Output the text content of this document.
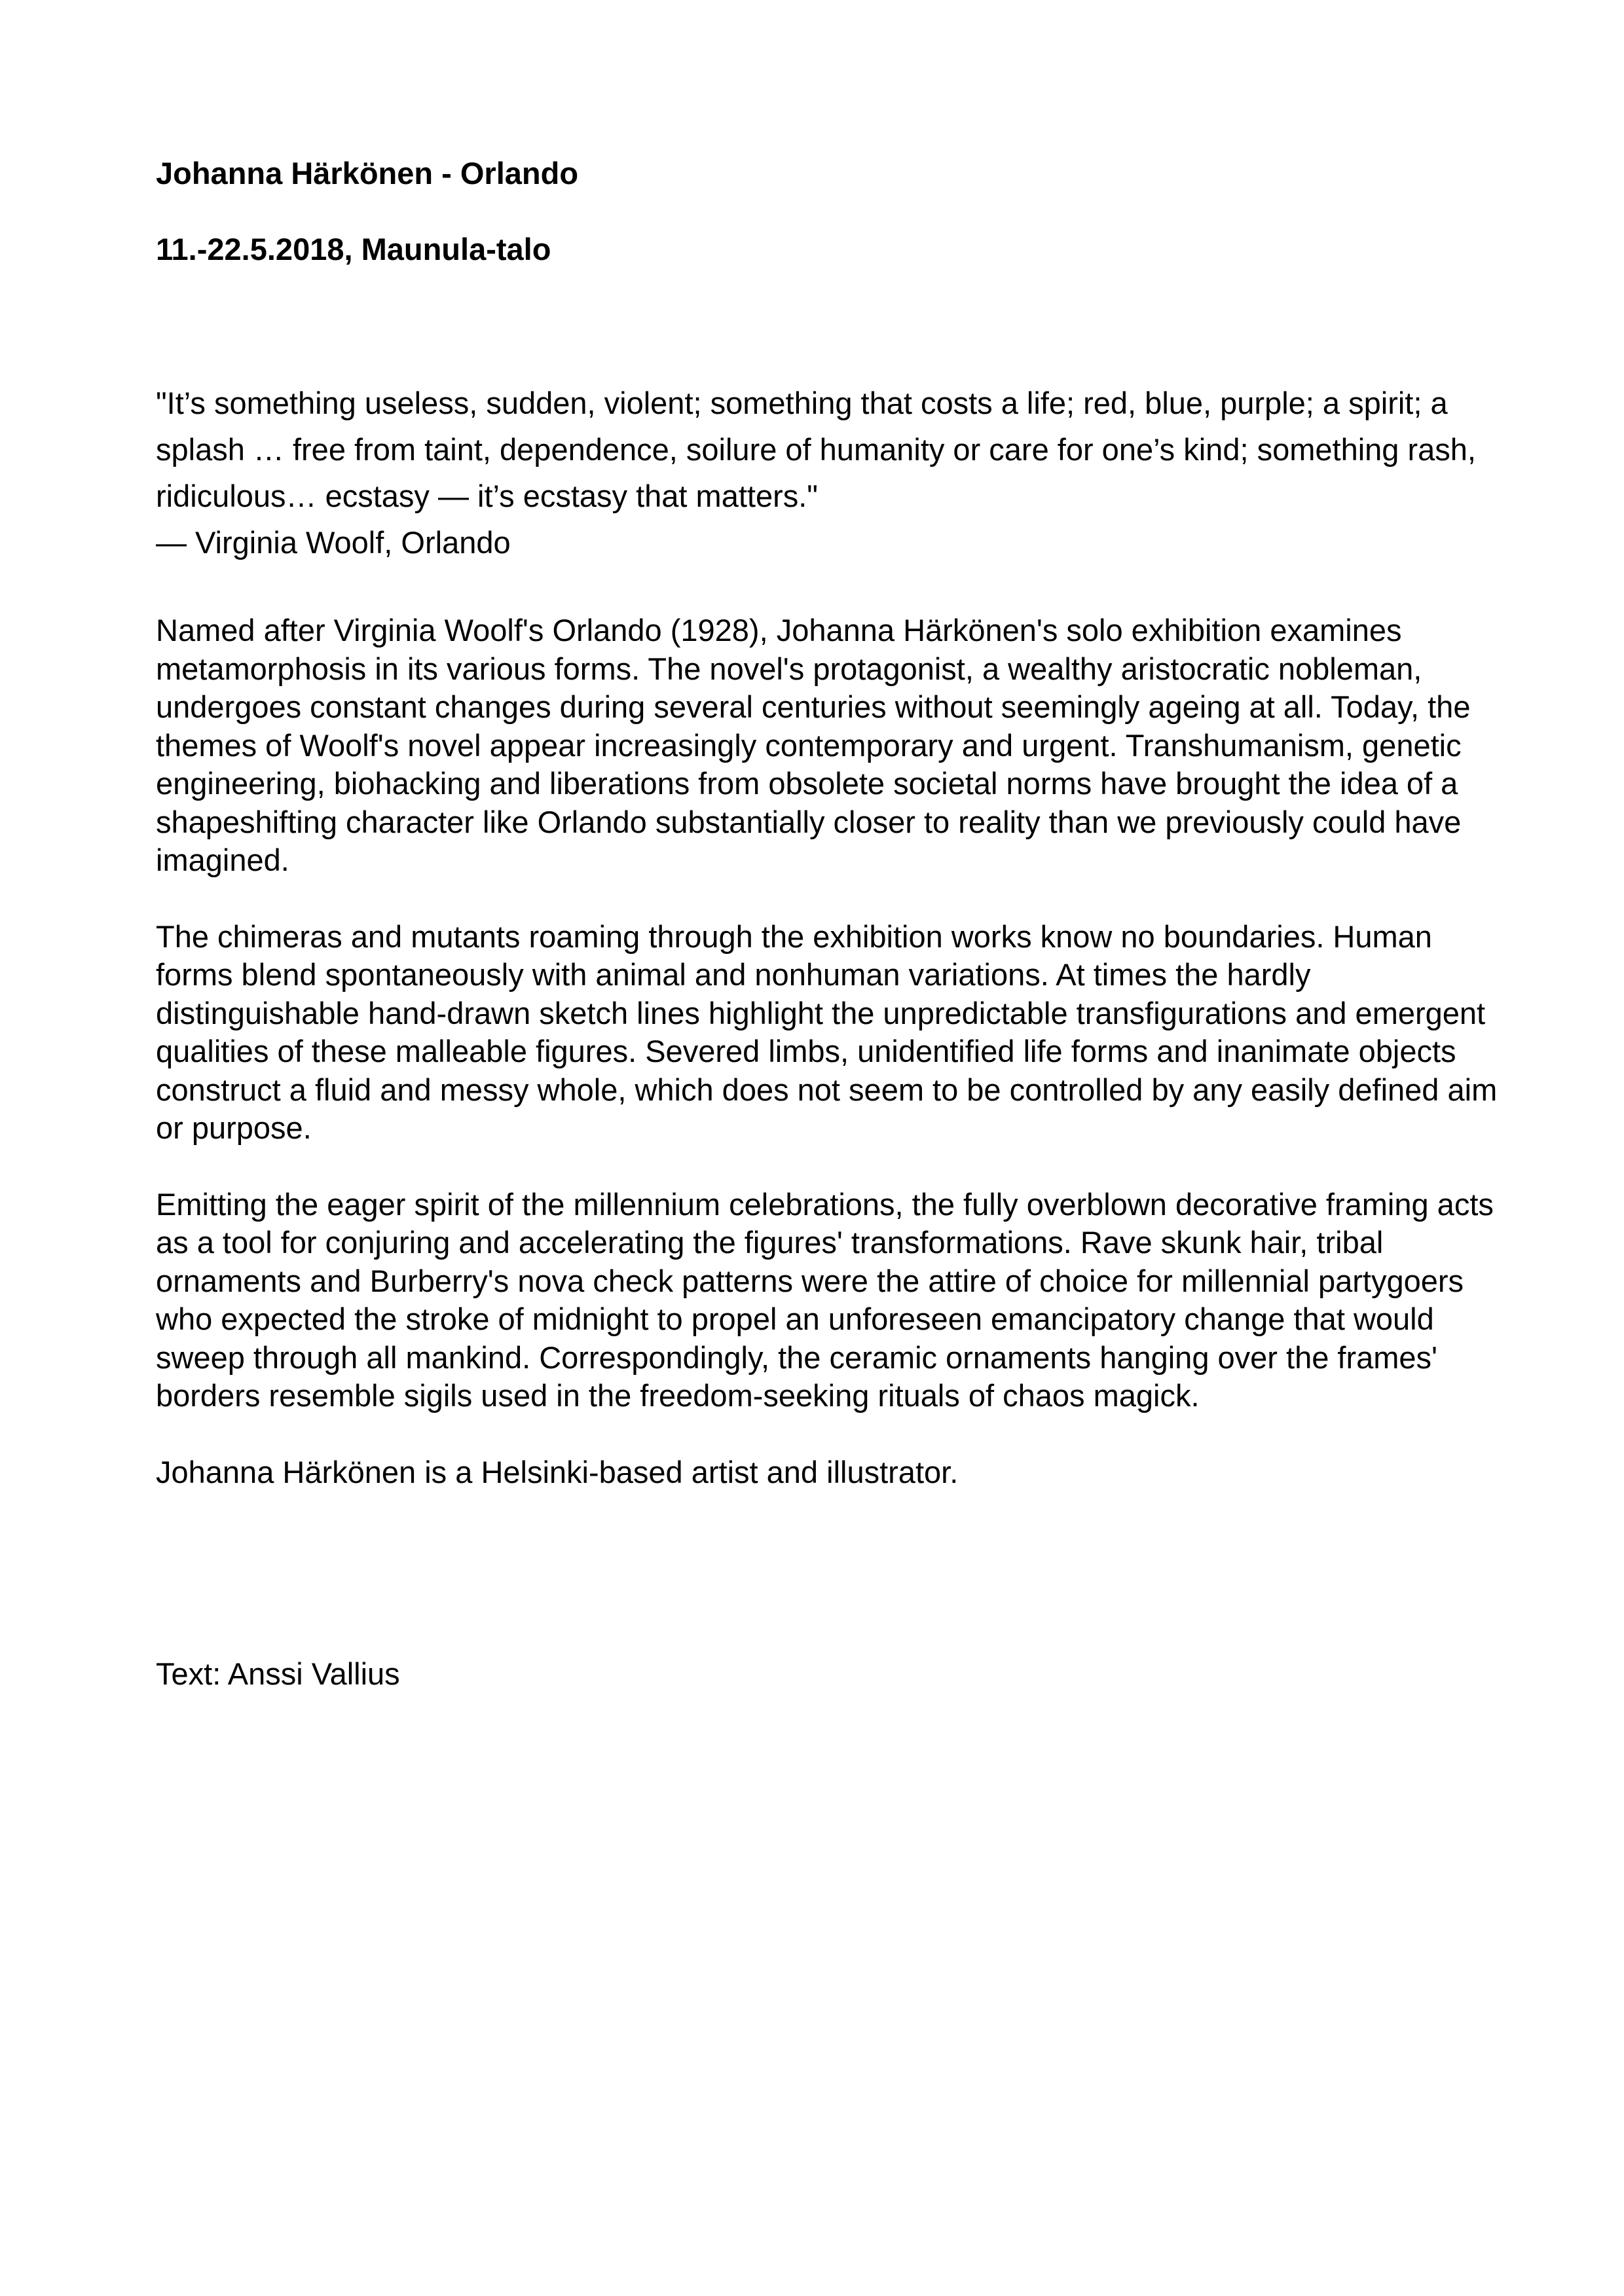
Johanna Härkönen - Orlando

11.-22.5.2018, Maunula-talo

"It’s something useless, sudden, violent; something that costs a life; red, blue, purple; a spirit; a splash … free from taint, dependence, soilure of humanity or care for one’s kind; something rash, ridiculous… ecstasy — it’s ecstasy that matters."

— Virginia Woolf, Orlando

Named after Virginia Woolf's Orlando (1928), Johanna Härkönen's solo exhibition examines metamorphosis in its various forms. The novel's protagonist, a wealthy aristocratic nobleman, undergoes constant changes during several centuries without seemingly ageing at all. Today, the themes of Woolf's novel appear increasingly contemporary and urgent. Transhumanism, genetic engineering, biohacking and liberations from obsolete societal norms have brought the idea of a shapeshifting character like Orlando substantially closer to reality than we previously could have imagined.

The chimeras and mutants roaming through the exhibition works know no boundaries. Human forms blend spontaneously with animal and nonhuman variations. At times the hardly distinguishable hand-drawn sketch lines highlight the unpredictable transfigurations and emergent qualities of these malleable figures. Severed limbs, unidentified life forms and inanimate objects construct a fluid and messy whole, which does not seem to be controlled by any easily defined aim or purpose.

Emitting the eager spirit of the millennium celebrations, the fully overblown decorative framing acts as a tool for conjuring and accelerating the figures' transformations. Rave skunk hair, tribal ornaments and Burberry's nova check patterns were the attire of choice for millennial partygoers who expected the stroke of midnight to propel an unforeseen emancipatory change that would sweep through all mankind. Correspondingly, the ceramic ornaments hanging over the frames' borders resemble sigils used in the freedom-seeking rituals of chaos magick.

Johanna Härkönen is a Helsinki-based artist and illustrator.

Text: Anssi Vallius
